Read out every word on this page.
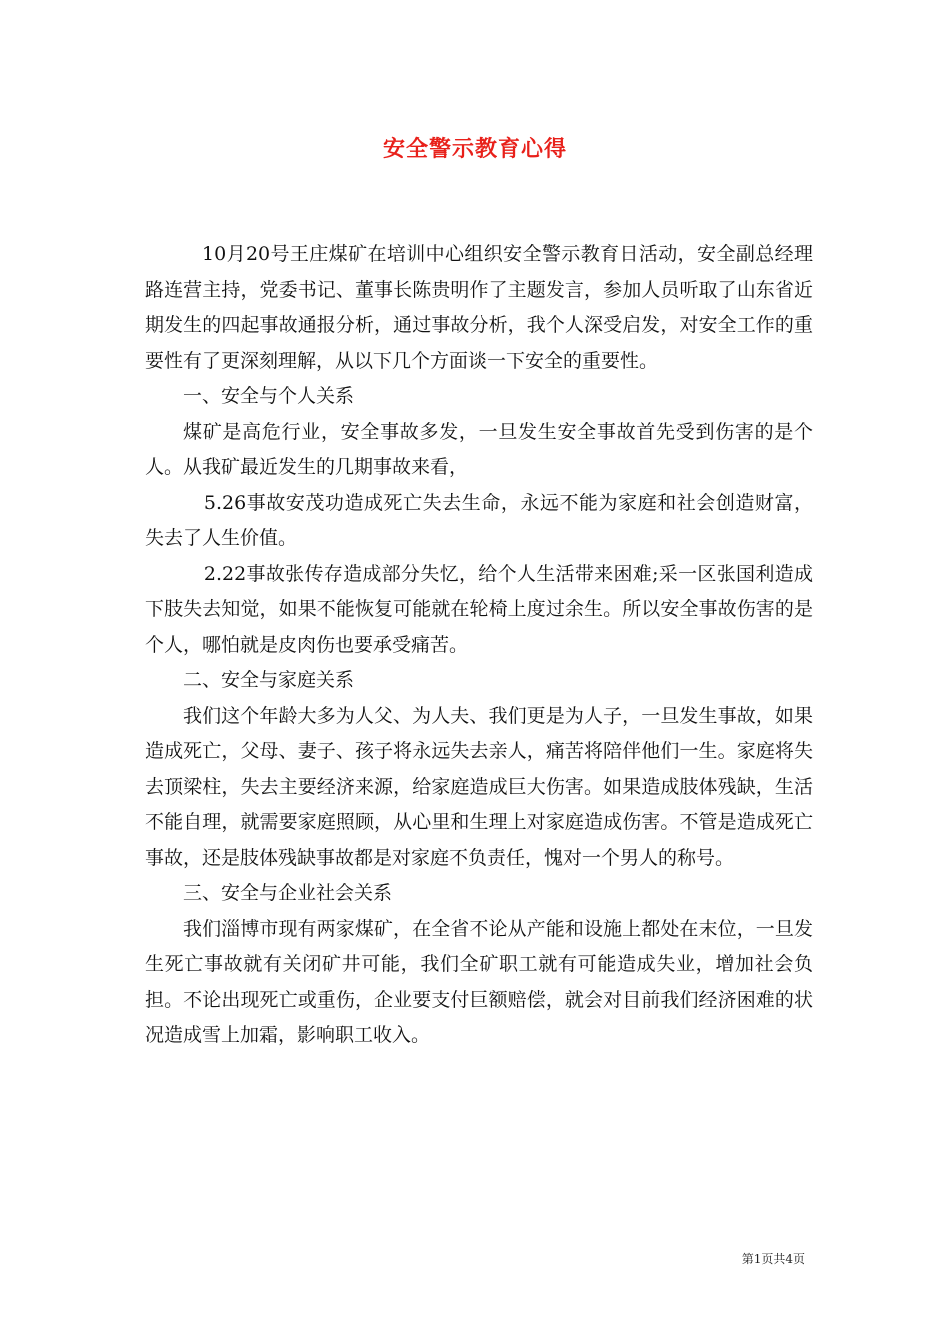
安全警示教育心得

10月20号王庄煤矿在培训中心组织安全警示教育日活动，安全副总经理路连营主持，党委书记、董事长陈贵明作了主题发言，参加人员听取了山东省近期发生的四起事故通报分析，通过事故分析，我个人深受启发，对安全工作的重要性有了更深刻理解，从以下几个方面谈一下安全的重要性。

一、安全与个人关系

煤矿是高危行业，安全事故多发，一旦发生安全事故首先受到伤害的是个人。从我矿最近发生的几期事故来看，

5.26事故安茂功造成死亡失去生命，永远不能为家庭和社会创造财富，失去了人生价值。

2.22事故张传存造成部分失忆，给个人生活带来困难;采一区张国利造成下肢失去知觉，如果不能恢复可能就在轮椅上度过余生。所以安全事故伤害的是个人，哪怕就是皮肉伤也要承受痛苦。

二、安全与家庭关系

我们这个年龄大多为人父、为人夫、我们更是为人子，一旦发生事故，如果造成死亡，父母、妻子、孩子将永远失去亲人，痛苦将陪伴他们一生。家庭将失去顶梁柱，失去主要经济来源，给家庭造成巨大伤害。如果造成肢体残缺，生活不能自理，就需要家庭照顾，从心里和生理上对家庭造成伤害。不管是造成死亡事故，还是肢体残缺事故都是对家庭不负责任，愧对一个男人的称号。

三、安全与企业社会关系

我们淄博市现有两家煤矿，在全省不论从产能和设施上都处在末位，一旦发生死亡事故就有关闭矿井可能，我们全矿职工就有可能造成失业，增加社会负担。不论出现死亡或重伤，企业要支付巨额赔偿，就会对目前我们经济困难的状况造成雪上加霜，影响职工收入。

第1页共4页
